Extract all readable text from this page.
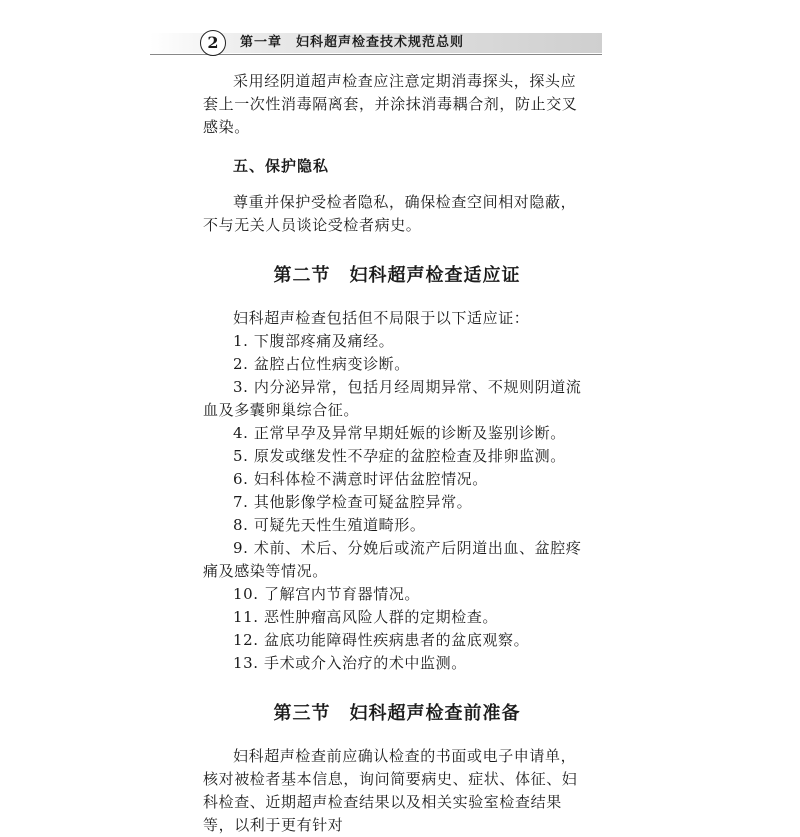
2	第一章　妇科超声检查技术规范总则

采用经阴道超声检查应注意定期消毒探头，探头应套上一次性消毒隔离套，并涂抹消毒耦合剂，防止交叉感染。

五、保护隐私

尊重并保护受检者隐私，确保检查空间相对隐蔽，不与无关人员谈论受检者病史。

第二节　妇科超声检查适应证

妇科超声检查包括但不局限于以下适应证：

1. 下腹部疼痛及痛经。
2. 盆腔占位性病变诊断。
3. 内分泌异常，包括月经周期异常、不规则阴道流血及多囊卵巢综合征。
4. 正常早孕及异常早期妊娠的诊断及鉴别诊断。
5. 原发或继发性不孕症的盆腔检查及排卵监测。
6. 妇科体检不满意时评估盆腔情况。
7. 其他影像学检查可疑盆腔异常。
8. 可疑先天性生殖道畸形。
9. 术前、术后、分娩后或流产后阴道出血、盆腔疼痛及感染等情况。
10. 了解宫内节育器情况。
11. 恶性肿瘤高风险人群的定期检查。
12. 盆底功能障碍性疾病患者的盆底观察。
13. 手术或介入治疗的术中监测。
第三节　妇科超声检查前准备

妇科超声检查前应确认检查的书面或电子申请单，核对被检者基本信息，询问简要病史、症状、体征、妇科检查、近期超声检查结果以及相关实验室检查结果等，以利于更有针对
